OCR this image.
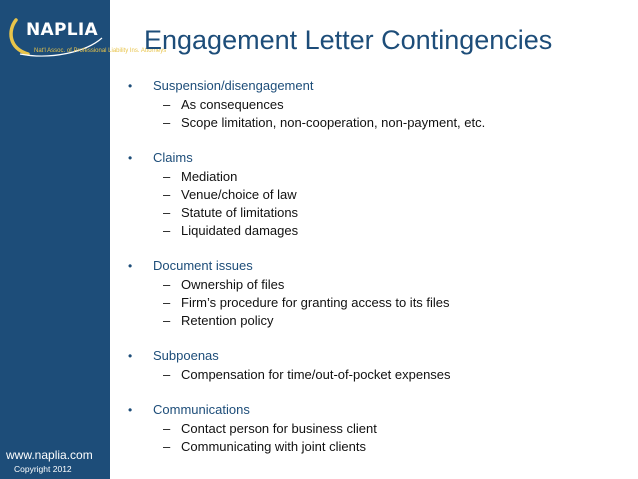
NAPLIA
Nat'l Assoc. of Professional Liability Ins. Attorneys
www.naplia.com
Copyright 2012
Engagement Letter Contingencies
• Suspension/disengagement
– As consequences
– Scope limitation, non-cooperation, non-payment, etc.
• Claims
– Mediation
– Venue/choice of law
– Statute of limitations
– Liquidated damages
• Document issues
– Ownership of files
– Firm’s procedure for granting access to its files
– Retention policy
• Subpoenas
– Compensation for time/out-of-pocket expenses
• Communications
– Contact person for business client
– Communicating with joint clients
